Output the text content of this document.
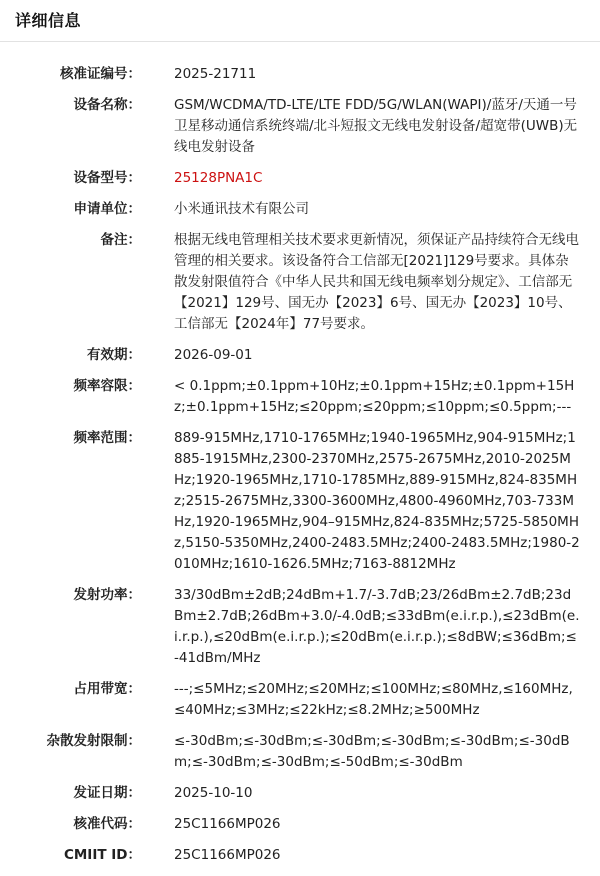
详细信息
核准证编号： 2025-21711
设备名称： GSM/WCDMA/TD-LTE/LTE FDD/5G/WLAN(WAPI)/蓝牙/天通一号卫星移动通信系统终端/北斗短报文无线电发射设备/超宽带(UWB)无线电发射设备
设备型号： 25128PNA1C
申请单位： 小米通讯技术有限公司
备注： 根据无线电管理相关技术要求更新情况，须保证产品持续符合无线电管理的相关要求。该设备符合工信部无[2021]129号要求。具体杂散发射限值符合《中华人民共和国无线电频率划分规定》、工信部无【2021】129号、国无办【2023】6号、国无办【2023】10号、工信部无【2024年】77号要求。
有效期： 2026-09-01
频率容限： < 0.1ppm;±0.1ppm+10Hz;±0.1ppm+15Hz;±0.1ppm+15Hz;±0.1ppm+15Hz;≤20ppm;≤20ppm;≤10ppm;≤0.5ppm;---
频率范围： 889-915MHz,1710-1765MHz;1940-1965MHz,904-915MHz;1885-1915MHz,2300-2370MHz,2575-2675MHz,2010-2025MHz;1920-1965MHz,1710-1785MHz,889-915MHz,824-835MHz;2515-2675MHz,3300-3600MHz,4800-4960MHz,703-733MHz,1920-1965MHz,904–915MHz,824-835MHz;5725-5850MHz,5150-5350MHz,2400-2483.5MHz;2400-2483.5MHz;1980-2010MHz;1610-1626.5MHz;7163-8812MHz
发射功率： 33/30dBm±2dB;24dBm+1.7/-3.7dB;23/26dBm±2.7dB;23dBm±2.7dB;26dBm+3.0/-4.0dB;≤33dBm(e.i.r.p.),≤23dBm(e.i.r.p.),≤20dBm(e.i.r.p.);≤20dBm(e.i.r.p.);≤8dBW;≤36dBm;≤-41dBm/MHz
占用带宽： ---;≤5MHz;≤20MHz;≤20MHz;≤100MHz;≤80MHz,≤160MHz,≤40MHz;≤3MHz;≤22kHz;≤8.2MHz;≥500MHz
杂散发射限制： ≤-30dBm;≤-30dBm;≤-30dBm;≤-30dBm;≤-30dBm;≤-30dBm;≤-30dBm;≤-30dBm;≤-50dBm;≤-30dBm
发证日期： 2025-10-10
核准代码： 25C1166MP026
CMIIT ID： 25C1166MP026
